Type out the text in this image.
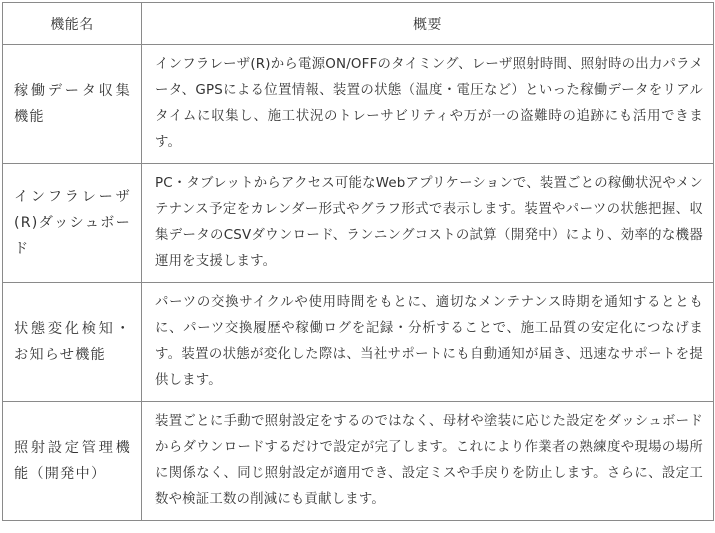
機能名	概要
稼働データ収集機能	インフラレーザ(R)から電源ON/OFFのタイミング、レーザ照射時間、照射時の出力パラメータ、GPSによる位置情報、装置の状態（温度・電圧など）といった稼働データをリアルタイムに収集し、施工状況のトレーサビリティや万が一の盗難時の追跡にも活用できます。
インフラレーザ(R)ダッシュボード	PC・タブレットからアクセス可能なWebアプリケーションで、装置ごとの稼働状況やメンテナンス予定をカレンダー形式やグラフ形式で表示します。装置やパーツの状態把握、収集データのCSVダウンロード、ランニングコストの試算（開発中）により、効率的な機器運用を支援します。
状態変化検知・お知らせ機能	パーツの交換サイクルや使用時間をもとに、適切なメンテナンス時期を通知するとともに、パーツ交換履歴や稼働ログを記録・分析することで、施工品質の安定化につなげます。装置の状態が変化した際は、当社サポートにも自動通知が届き、迅速なサポートを提供します。
照射設定管理機能（開発中）	装置ごとに手動で照射設定をするのではなく、母材や塗装に応じた設定をダッシュボードからダウンロードするだけで設定が完了します。これにより作業者の熟練度や現場の場所に関係なく、同じ照射設定が適用でき、設定ミスや手戻りを防止します。さらに、設定工数や検証工数の削減にも貢献します。
